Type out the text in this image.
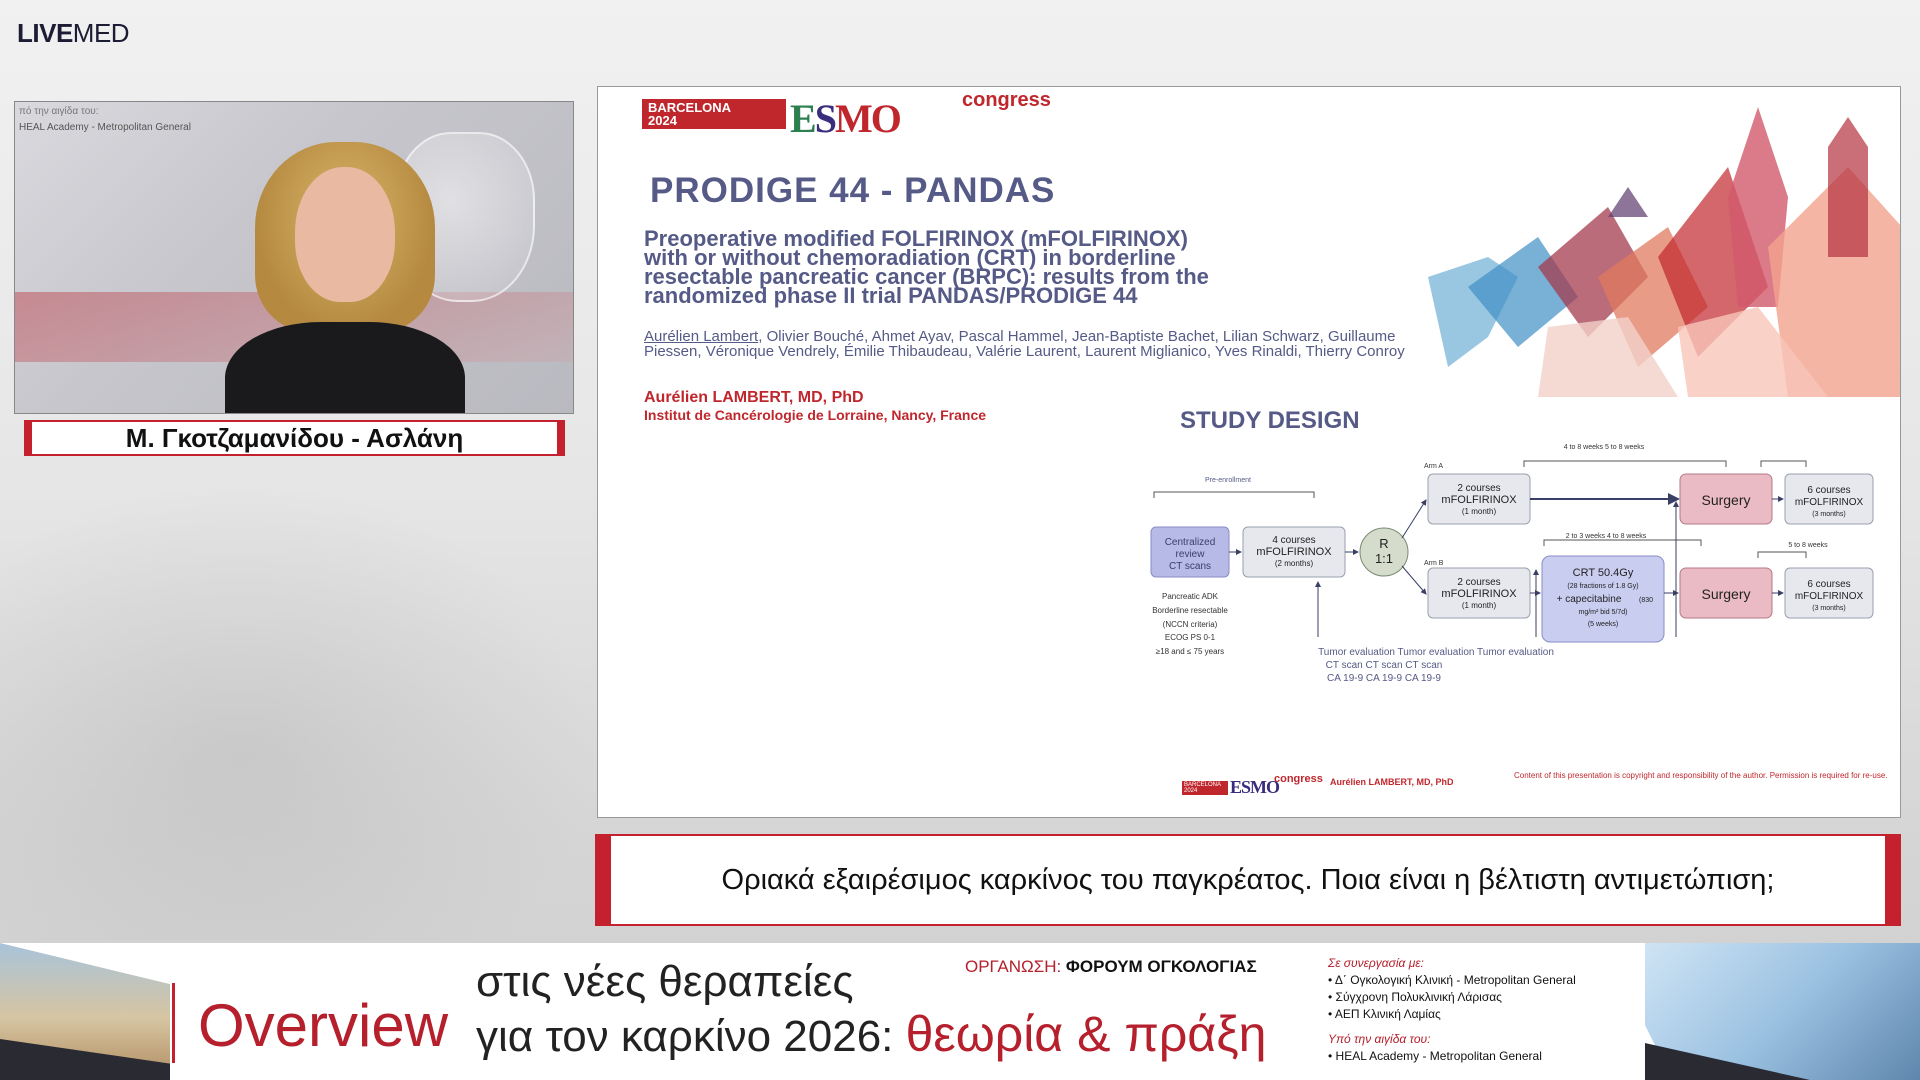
LIVEMED
πό την αιγίδα του:
HEAL Academy - Metropolitan General
Μ. Γκοτζαμανίδου - Ασλάνη
BARCELONA
2024	ESMO	congress
PRODIGE 44 - PANDAS
Preoperative modified FOLFIRINOX (mFOLFIRINOX)
with or without chemoradiation (CRT) in borderline
resectable pancreatic cancer (BRPC): results from the
randomized phase II trial PANDAS/PRODIGE 44
Aurélien Lambert, Olivier Bouché, Ahmet Ayav, Pascal Hammel, Jean-Baptiste Bachet, Lilian Schwarz, Guillaume Piessen, Véronique Vendrely, Émilie Thibaudeau, Valérie Laurent, Laurent Miglianico, Yves Rinaldi, Thierry Conroy
Aurélien LAMBERT, MD, PhD
Institut de Cancérologie de Lorraine, Nancy, France	STUDY DESIGN
Pre-enrollment
Centralized
review
CT scans
4 courses
mFOLFIRINOX
(2 months)
R
1:1
Pancreatic ADK
Borderline resectable
(NCCN criteria)
ECOG PS 0-1
≥18 and ≤ 75 years
Arm A
Arm B
2 courses
mFOLFIRINOX
(1 month)
2 courses
mFOLFIRINOX
(1 month)
CRT 50.4Gy
(28 fractions of 1.8 Gy)
+ capecitabine	(830
mg/m² bid 5/7d)
(5 weeks)
Surgery
Surgery
6 courses
mFOLFIRINOX
(3 months)
6 courses
mFOLFIRINOX
(3 months)
4 to 8 weeks 5 to 8 weeks
2 to 3 weeks 4 to 8 weeks
5 to 8 weeks
Tumor evaluation Tumor evaluation Tumor evaluation
CT scan CT scan CT scan
CA 19-9 CA 19-9 CA 19-9
BARCELONA
2024	ESMO
congress Aurélien LAMBERT, MD, PhD
Content of this presentation is copyright and responsibility of the author. Permission is required for re-use.
Οριακά εξαιρέσιμος καρκίνος του παγκρέατος. Ποια είναι η βέλτιστη αντιμετώπιση;
Overview
στις νέες θεραπείες
για τον καρκίνο 2026: θεωρία & πράξη
ΟΡΓΑΝΩΣΗ: ΦΟΡΟΥΜ ΟΓΚΟΛΟΓΙΑΣ	Σε συνεργασία με:
• Δ΄ Ογκολογική Κλινική - Metropolitan General
• Σύγχρονη Πολυκλινική Λάρισας
• ΑΕΠ Κλινική Λαμίας
Υπό την αιγίδα του:
• HEAL Academy - Metropolitan General
